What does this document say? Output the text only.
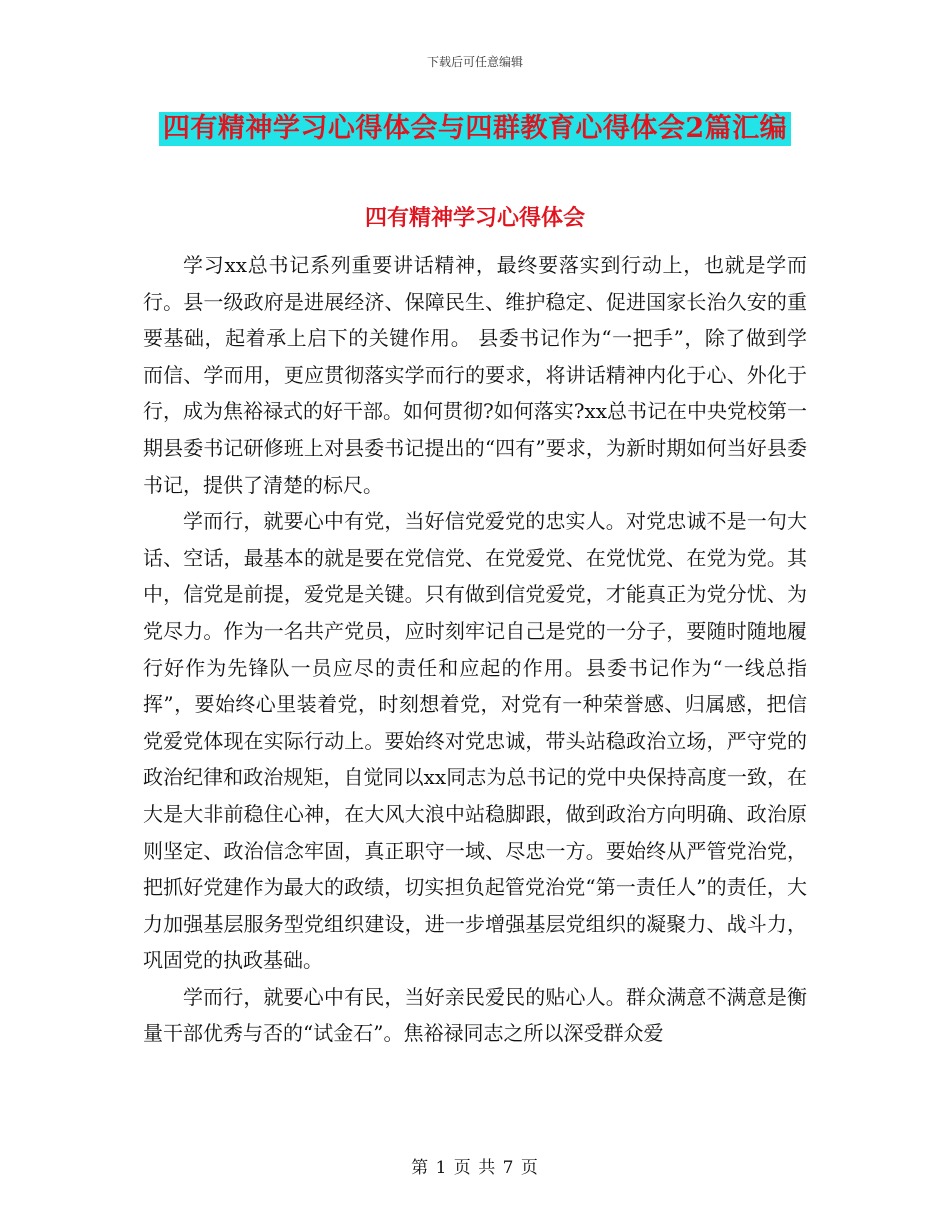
下载后可任意编辑
四有精神学习心得体会与四群教育心得体会2篇汇编
四有精神学习心得体会

学习xx总书记系列重要讲话精神，最终要落实到行动上，也就是学而行。县一级政府是进展经济、保障民生、维护稳定、促进国家长治久安的重要基础，起着承上启下的关键作用。 县委书记作为“一把手”，除了做到学而信、学而用，更应贯彻落实学而行的要求，将讲话精神内化于心、外化于行，成为焦裕禄式的好干部。如何贯彻?如何落实?xx总书记在中央党校第一期县委书记研修班上对县委书记提出的“四有”要求，为新时期如何当好县委书记，提供了清楚的标尺。

学而行，就要心中有党，当好信党爱党的忠实人。对党忠诚不是一句大话、空话，最基本的就是要在党信党、在党爱党、在党忧党、在党为党。其中，信党是前提，爱党是关键。只有做到信党爱党，才能真正为党分忧、为党尽力。作为一名共产党员，应时刻牢记自己是党的一分子，要随时随地履行好作为先锋队一员应尽的责任和应起的作用。县委书记作为“一线总指挥”，要始终心里装着党，时刻想着党，对党有一种荣誉感、归属感，把信党爱党体现在实际行动上。要始终对党忠诚，带头站稳政治立场，严守党的政治纪律和政治规矩，自觉同以xx同志为总书记的党中央保持高度一致，在大是大非前稳住心神，在大风大浪中站稳脚跟，做到政治方向明确、政治原则坚定、政治信念牢固，真正职守一域、尽忠一方。要始终从严管党治党，把抓好党建作为最大的政绩，切实担负起管党治党“第一责任人”的责任，大力加强基层服务型党组织建设，进一步增强基层党组织的凝聚力、战斗力，巩固党的执政基础。

学而行，就要心中有民，当好亲民爱民的贴心人。群众满意不满意是衡量干部优秀与否的“试金石”。焦裕禄同志之所以深受群众爱

第 1 页 共 7 页
